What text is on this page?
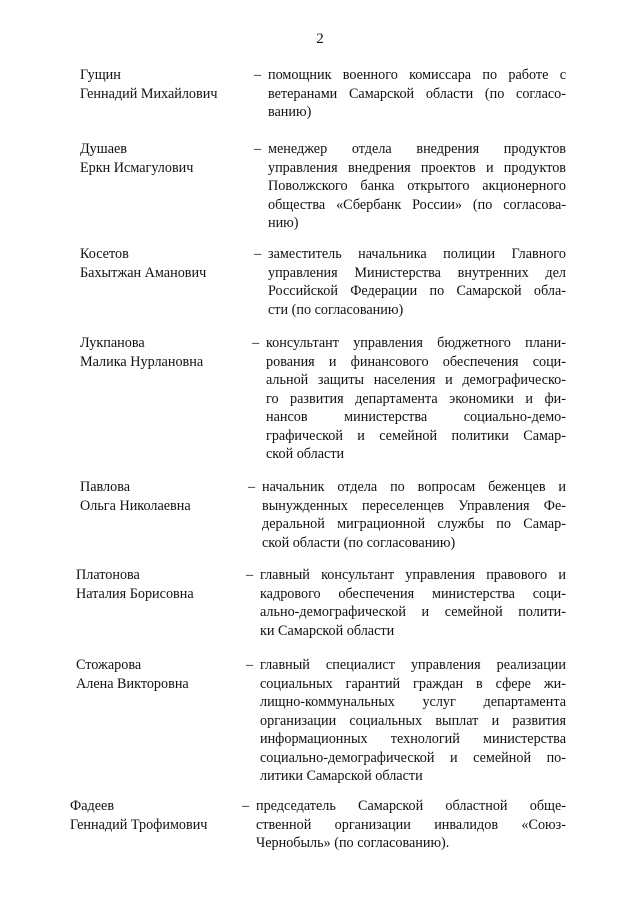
2
Гущин
Геннадий Михайлович
– помощник военного комиссара по работе с
ветеранами Самарской области (по согласо-
ванию)
Душаев
Еркн Исмагулович
– менеджер отдела внедрения продуктов
управления внедрения проектов и продуктов
Поволжского банка открытого акционерного
общества «Сбербанк России» (по согласова-
нию)
Косетов
Бахытжан Аманович
– заместитель начальника полиции Главного
управления Министерства внутренних дел
Российской Федерации по Самарской обла-
сти (по согласованию)
Лукпанова
Малика Нурлановна
– консультант управления бюджетного плани-
рования и финансового обеспечения соци-
альной защиты населения и демографическо-
го развития департамента экономики и фи-
нансов министерства социально-демо-
графической и семейной политики Самар-
ской области
Павлова
Ольга Николаевна
– начальник отдела по вопросам беженцев и
вынужденных переселенцев Управления Фе-
деральной миграционной службы по Самар-
ской области (по согласованию)
Платонова
Наталия Борисовна
– главный консультант управления правового и
кадрового обеспечения министерства соци-
ально-демографической и семейной полити-
ки Самарской области
Стожарова
Алена Викторовна
– главный специалист управления реализации
социальных гарантий граждан в сфере жи-
лищно-коммунальных услуг департамента
организации социальных выплат и развития
информационных технологий министерства
социально-демографической и семейной по-
литики Самарской области
Фадеев
Геннадий Трофимович
– председатель Самарской областной обще-
ственной организации инвалидов «Союз-
Чернобыль» (по согласованию).
